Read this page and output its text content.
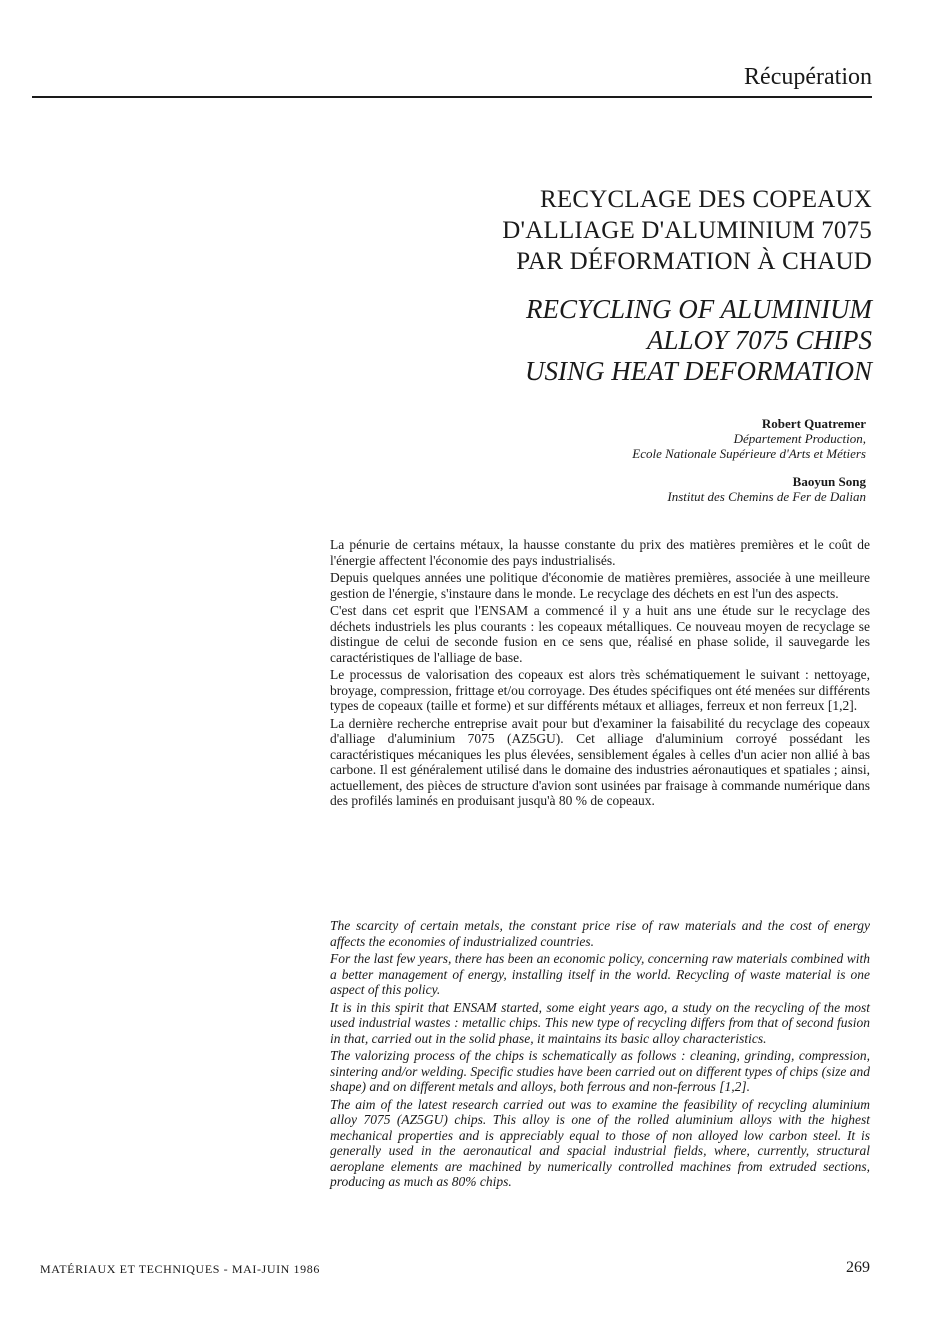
Récupération
RECYCLAGE DES COPEAUX
D'ALLIAGE D'ALUMINIUM 7075
PAR DÉFORMATION À CHAUD
RECYCLING OF ALUMINIUM
ALLOY 7075 CHIPS
USING HEAT DEFORMATION
Robert Quatremer
Département Production,
Ecole Nationale Supérieure d'Arts et Métiers
Baoyun Song
Institut des Chemins de Fer de Dalian

La pénurie de certains métaux, la hausse constante du prix des matières premières et le coût de l'énergie affectent l'économie des pays industrialisés.

Depuis quelques années une politique d'économie de matières premières, associée à une meilleure gestion de l'énergie, s'instaure dans le monde. Le recyclage des déchets en est l'un des aspects.

C'est dans cet esprit que l'ENSAM a commencé il y a huit ans une étude sur le recyclage des déchets industriels les plus courants : les copeaux métalliques. Ce nouveau moyen de recyclage se distingue de celui de seconde fusion en ce sens que, réalisé en phase solide, il sauvegarde les caractéristiques de l'alliage de base.

Le processus de valorisation des copeaux est alors très schématiquement le suivant : nettoyage, broyage, compression, frittage et/ou corroyage. Des études spécifiques ont été menées sur différents types de copeaux (taille et forme) et sur différents métaux et alliages, ferreux et non ferreux [1,2].

La dernière recherche entreprise avait pour but d'examiner la faisabilité du recyclage des copeaux d'alliage d'aluminium 7075 (AZ5GU). Cet alliage d'aluminium corroyé possédant les caractéristiques mécaniques les plus élevées, sensiblement égales à celles d'un acier non allié à bas carbone. Il est généralement utilisé dans le domaine des industries aéronautiques et spatiales ; ainsi, actuellement, des pièces de structure d'avion sont usinées par fraisage à commande numérique dans des profilés laminés en produisant jusqu'à 80 % de copeaux.

The scarcity of certain metals, the constant price rise of raw materials and the cost of energy affects the economies of industrialized countries.

For the last few years, there has been an economic policy, concerning raw materials combined with a better management of energy, installing itself in the world. Recycling of waste material is one aspect of this policy.

It is in this spirit that ENSAM started, some eight years ago, a study on the recycling of the most used industrial wastes : metallic chips. This new type of recycling differs from that of second fusion in that, carried out in the solid phase, it maintains its basic alloy characteristics.

The valorizing process of the chips is schematically as follows : cleaning, grinding, compression, sintering and/or welding. Specific studies have been carried out on different types of chips (size and shape) and on different metals and alloys, both ferrous and non-ferrous [1,2].

The aim of the latest research carried out was to examine the feasibility of recycling aluminium alloy 7075 (AZ5GU) chips. This alloy is one of the rolled aluminium alloys with the highest mechanical properties and is appreciably equal to those of non alloyed low carbon steel. It is generally used in the aeronautical and spacial industrial fields, where, currently, structural aeroplane elements are machined by numerically controlled machines from extruded sections, producing as much as 80% chips.

MATÉRIAUX ET TECHNIQUES - MAI-JUIN 1986	269
